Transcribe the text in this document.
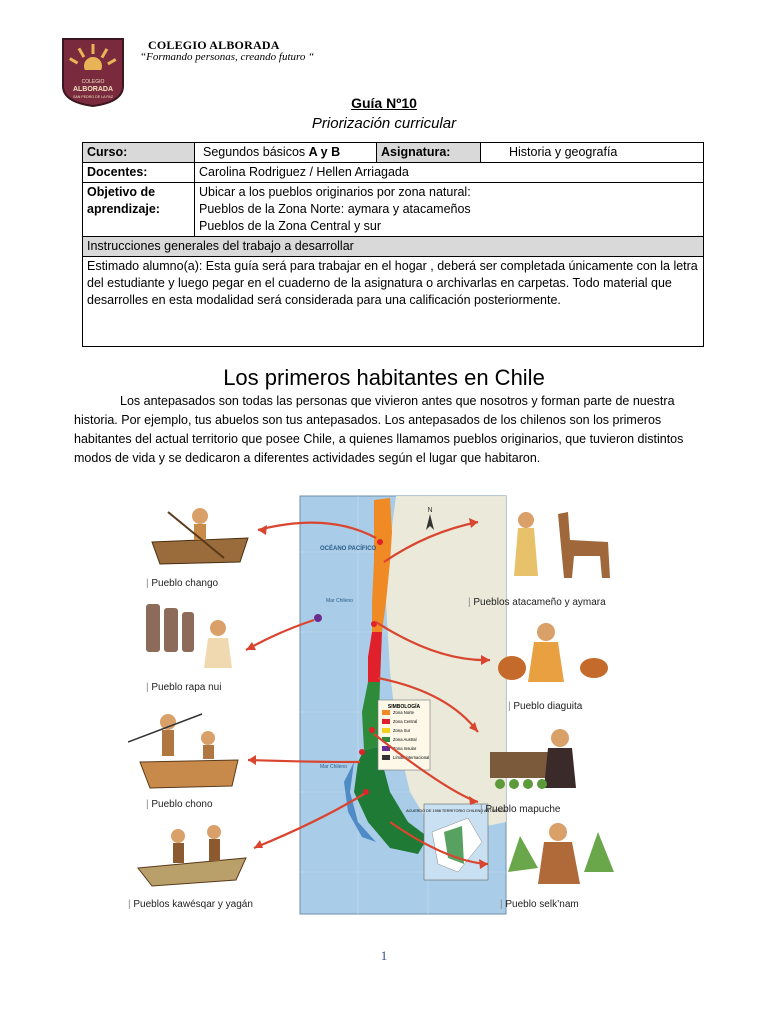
COLEGIO
ALBORADA
SAN PEDRO DE LA PAZ
COLEGIO ALBORADA
“Formando personas, creando futuro “
Guía Nº10
Priorización curricular
Curso:	Segundos básicos A y B	Asignatura:	Historia y geografía
Docentes:	Carolina Rodriguez / Hellen Arriagada		
Objetivo de aprendizaje:	Ubicar a los pueblos originarios por zona natural:
Pueblos de la Zona Norte: aymara y atacameños
Pueblos de la Zona Central y sur		

Instrucciones generales del trabajo a desarrollar			
Estimado alumno(a): Esta guía será para trabajar en el hogar , deberá ser completada únicamente con la letra del estudiante y luego pegar en el cuaderno de la asignatura o archivarlas en carpetas. Todo material que desarrolles en esta modalidad será considerada para una calificación posteriormente.			
Los primeros habitantes en Chile
Los antepasados son todas las personas que vivieron antes que nosotros y forman parte de nuestra historia. Por ejemplo, tus abuelos son tus antepasados. Los antepasados de los chilenos son los primeros habitantes del actual territorio que posee Chile, a quienes llamamos pueblos originarios, que tuvieron distintos modos de vida y se dedicaron a diferentes actividades según el lugar que habitaron.
N
OCÉANO PACÍFICO
Mar Chileno
Mar Chileno
SIMBOLOGÍA
Zona Norte
Zona Central
Zona Sur
Zona Austral
Zona Insular
Límite internacional
ACUERDO DE 1998 TERRITORIO CHILENO ANTÁRTICO
| Pueblo chango
| Pueblo rapa nui
| Pueblo chono
| Pueblos kawésqar y yagán
| Pueblos atacameño y aymara
| Pueblo diaguita
| Pueblo mapuche
| Pueblo selk’nam
1
